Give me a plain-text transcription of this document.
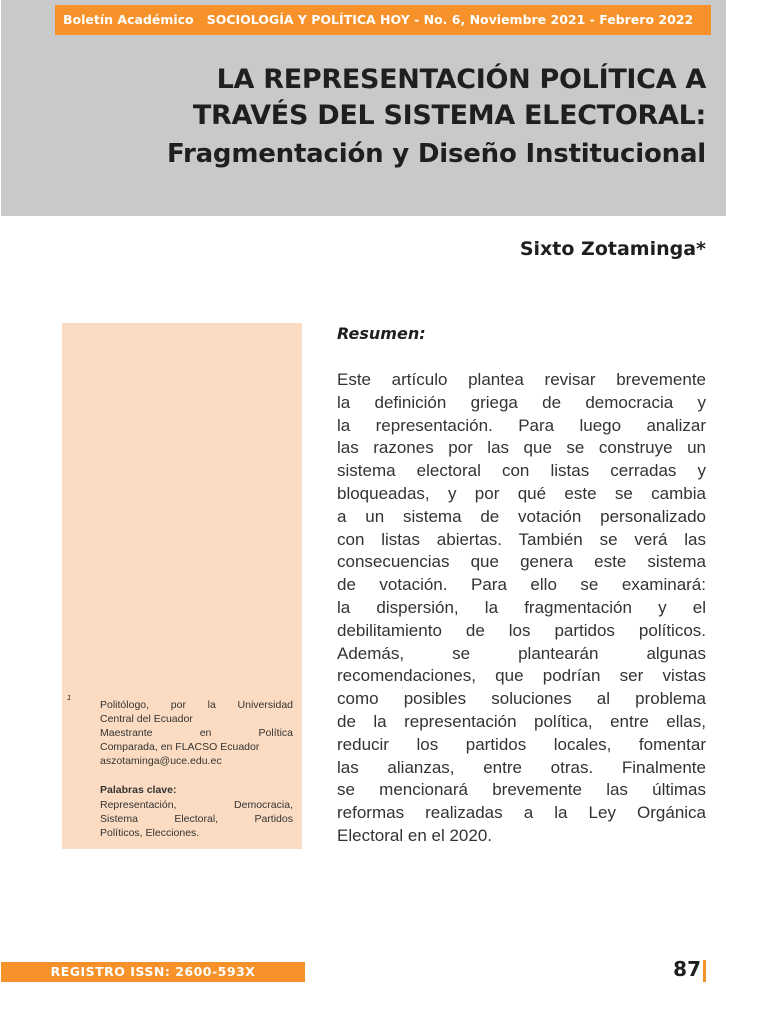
Boletín Académico SOCIOLOGÍA Y POLÍTICA HOY - No. 6, Noviembre 2021 - Febrero 2022
LA REPRESENTACIÓN POLÍTICA A
TRAVÉS DEL SISTEMA ELECTORAL:
Fragmentación y Diseño Institucional
Sixto Zotaminga*
1
Politólogo, por la Universidad
Central del Ecuador
Maestrante en Política
Comparada, en FLACSO Ecuador
aszotaminga@uce.edu.ec
Palabras clave:
Representación, Democracia,
Sistema Electoral, Partidos
Políticos, Elecciones.
Resumen:
Este artículo plantea revisar brevemente
la definición griega de democracia y
la representación. Para luego analizar
las razones por las que se construye un
sistema electoral con listas cerradas y
bloqueadas, y por qué este se cambia
a un sistema de votación personalizado
con listas abiertas. También se verá las
consecuencias que genera este sistema
de votación. Para ello se examinará:
la dispersión, la fragmentación y el
debilitamiento de los partidos políticos.
Además, se plantearán algunas
recomendaciones, que podrían ser vistas
como posibles soluciones al problema
de la representación política, entre ellas,
reducir los partidos locales, fomentar
las alianzas, entre otras. Finalmente
se mencionará brevemente las últimas
reformas realizadas a la Ley Orgánica
Electoral en el 2020.
REGISTRO ISSN: 2600-593X	87
